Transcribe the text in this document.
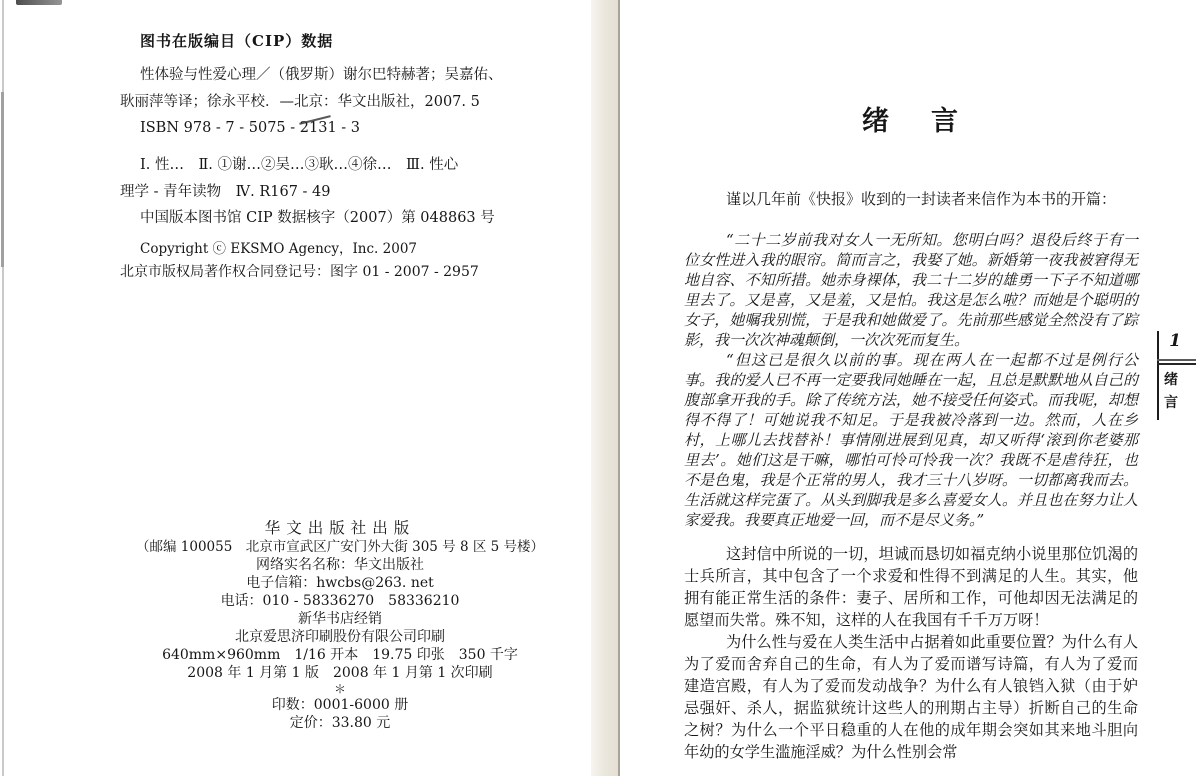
图书在版编目（CIP）数据
性体验与性爱心理／（俄罗斯）谢尔巴特赫著；吴嘉佑、
耿丽萍等译；徐永平校．—北京：华文出版社，2007. 5
ISBN 978 - 7 - 5075 - 2131 - 3
Ⅰ. 性…　Ⅱ. ①谢…②吴…③耿…④徐…　Ⅲ. 性心
理学 - 青年读物　Ⅳ. R167 - 49
中国版本图书馆 CIP 数据核字（2007）第 048863 号
Copyright ⓒ EKSMO Agency，Inc. 2007
北京市版权局著作权合同登记号：图字 01 - 2007 - 2957
华文出版社出版
（邮编 100055　北京市宣武区广安门外大街 305 号 8 区 5 号楼）
网络实名名称：华文出版社
电子信箱：hwcbs@263. net
电话：010 - 58336270　58336210
新华书店经销
北京爱思济印刷股份有限公司印刷
640mm×960mm　1/16 开本　19.75 印张　350 千字
2008 年 1 月第 1 版　2008 年 1 月第 1 次印刷
＊
印数：0001-6000 册
定价：33.80 元
绪 言
谨以几年前《快报》收到的一封读者来信作为本书的开篇：

“二十二岁前我对女人一无所知。您明白吗？退役后终于有一位女性进入我的眼帘。简而言之，我娶了她。新婚第一夜我被窘得无地自容、不知所措。她赤身裸体，我二十二岁的雄勇一下子不知道哪里去了。又是喜，又是羞，又是怕。我这是怎么啦？而她是个聪明的女子，她嘱我别慌，于是我和她做爱了。先前那些感觉全然没有了踪影，我一次次神魂颠倒，一次次死而复生。

“但这已是很久以前的事。现在两人在一起都不过是例行公事。我的爱人已不再一定要我同她睡在一起，且总是默默地从自己的腹部拿开我的手。除了传统方法，她不接受任何姿式。而我呢，却想得不得了！可她说我不知足。于是我被冷落到一边。然而，人在乡村，上哪儿去找替补！事情刚进展到见真，却又听得‘滚到你老婆那里去’。她们这是干嘛，哪怕可怜可怜我一次？我既不是虐待狂，也不是色鬼，我是个正常的男人，我才三十八岁呀。一切都离我而去。生活就这样完蛋了。从头到脚我是多么喜爱女人。并且也在努力让人家爱我。我要真正地爱一回，而不是尽义务。”

这封信中所说的一切，坦诚而恳切如福克纳小说里那位饥渴的士兵所言，其中包含了一个求爱和性得不到满足的人生。其实，他拥有能正常生活的条件：妻子、居所和工作，可他却因无法满足的愿望而失常。殊不知，这样的人在我国有千千万万呀！

为什么性与爱在人类生活中占据着如此重要位置？为什么有人为了爱而舍弃自己的生命，有人为了爱而谱写诗篇，有人为了爱而建造宫殿，有人为了爱而发动战争？为什么有人锒铛入狱（由于妒忌强奸、杀人，据监狱统计这些人的刑期占主导）折断自己的生命之树？为什么一个平日稳重的人在他的成年期会突如其来地斗胆向年幼的女学生滥施淫威？为什么性别会常

1
绪
言
